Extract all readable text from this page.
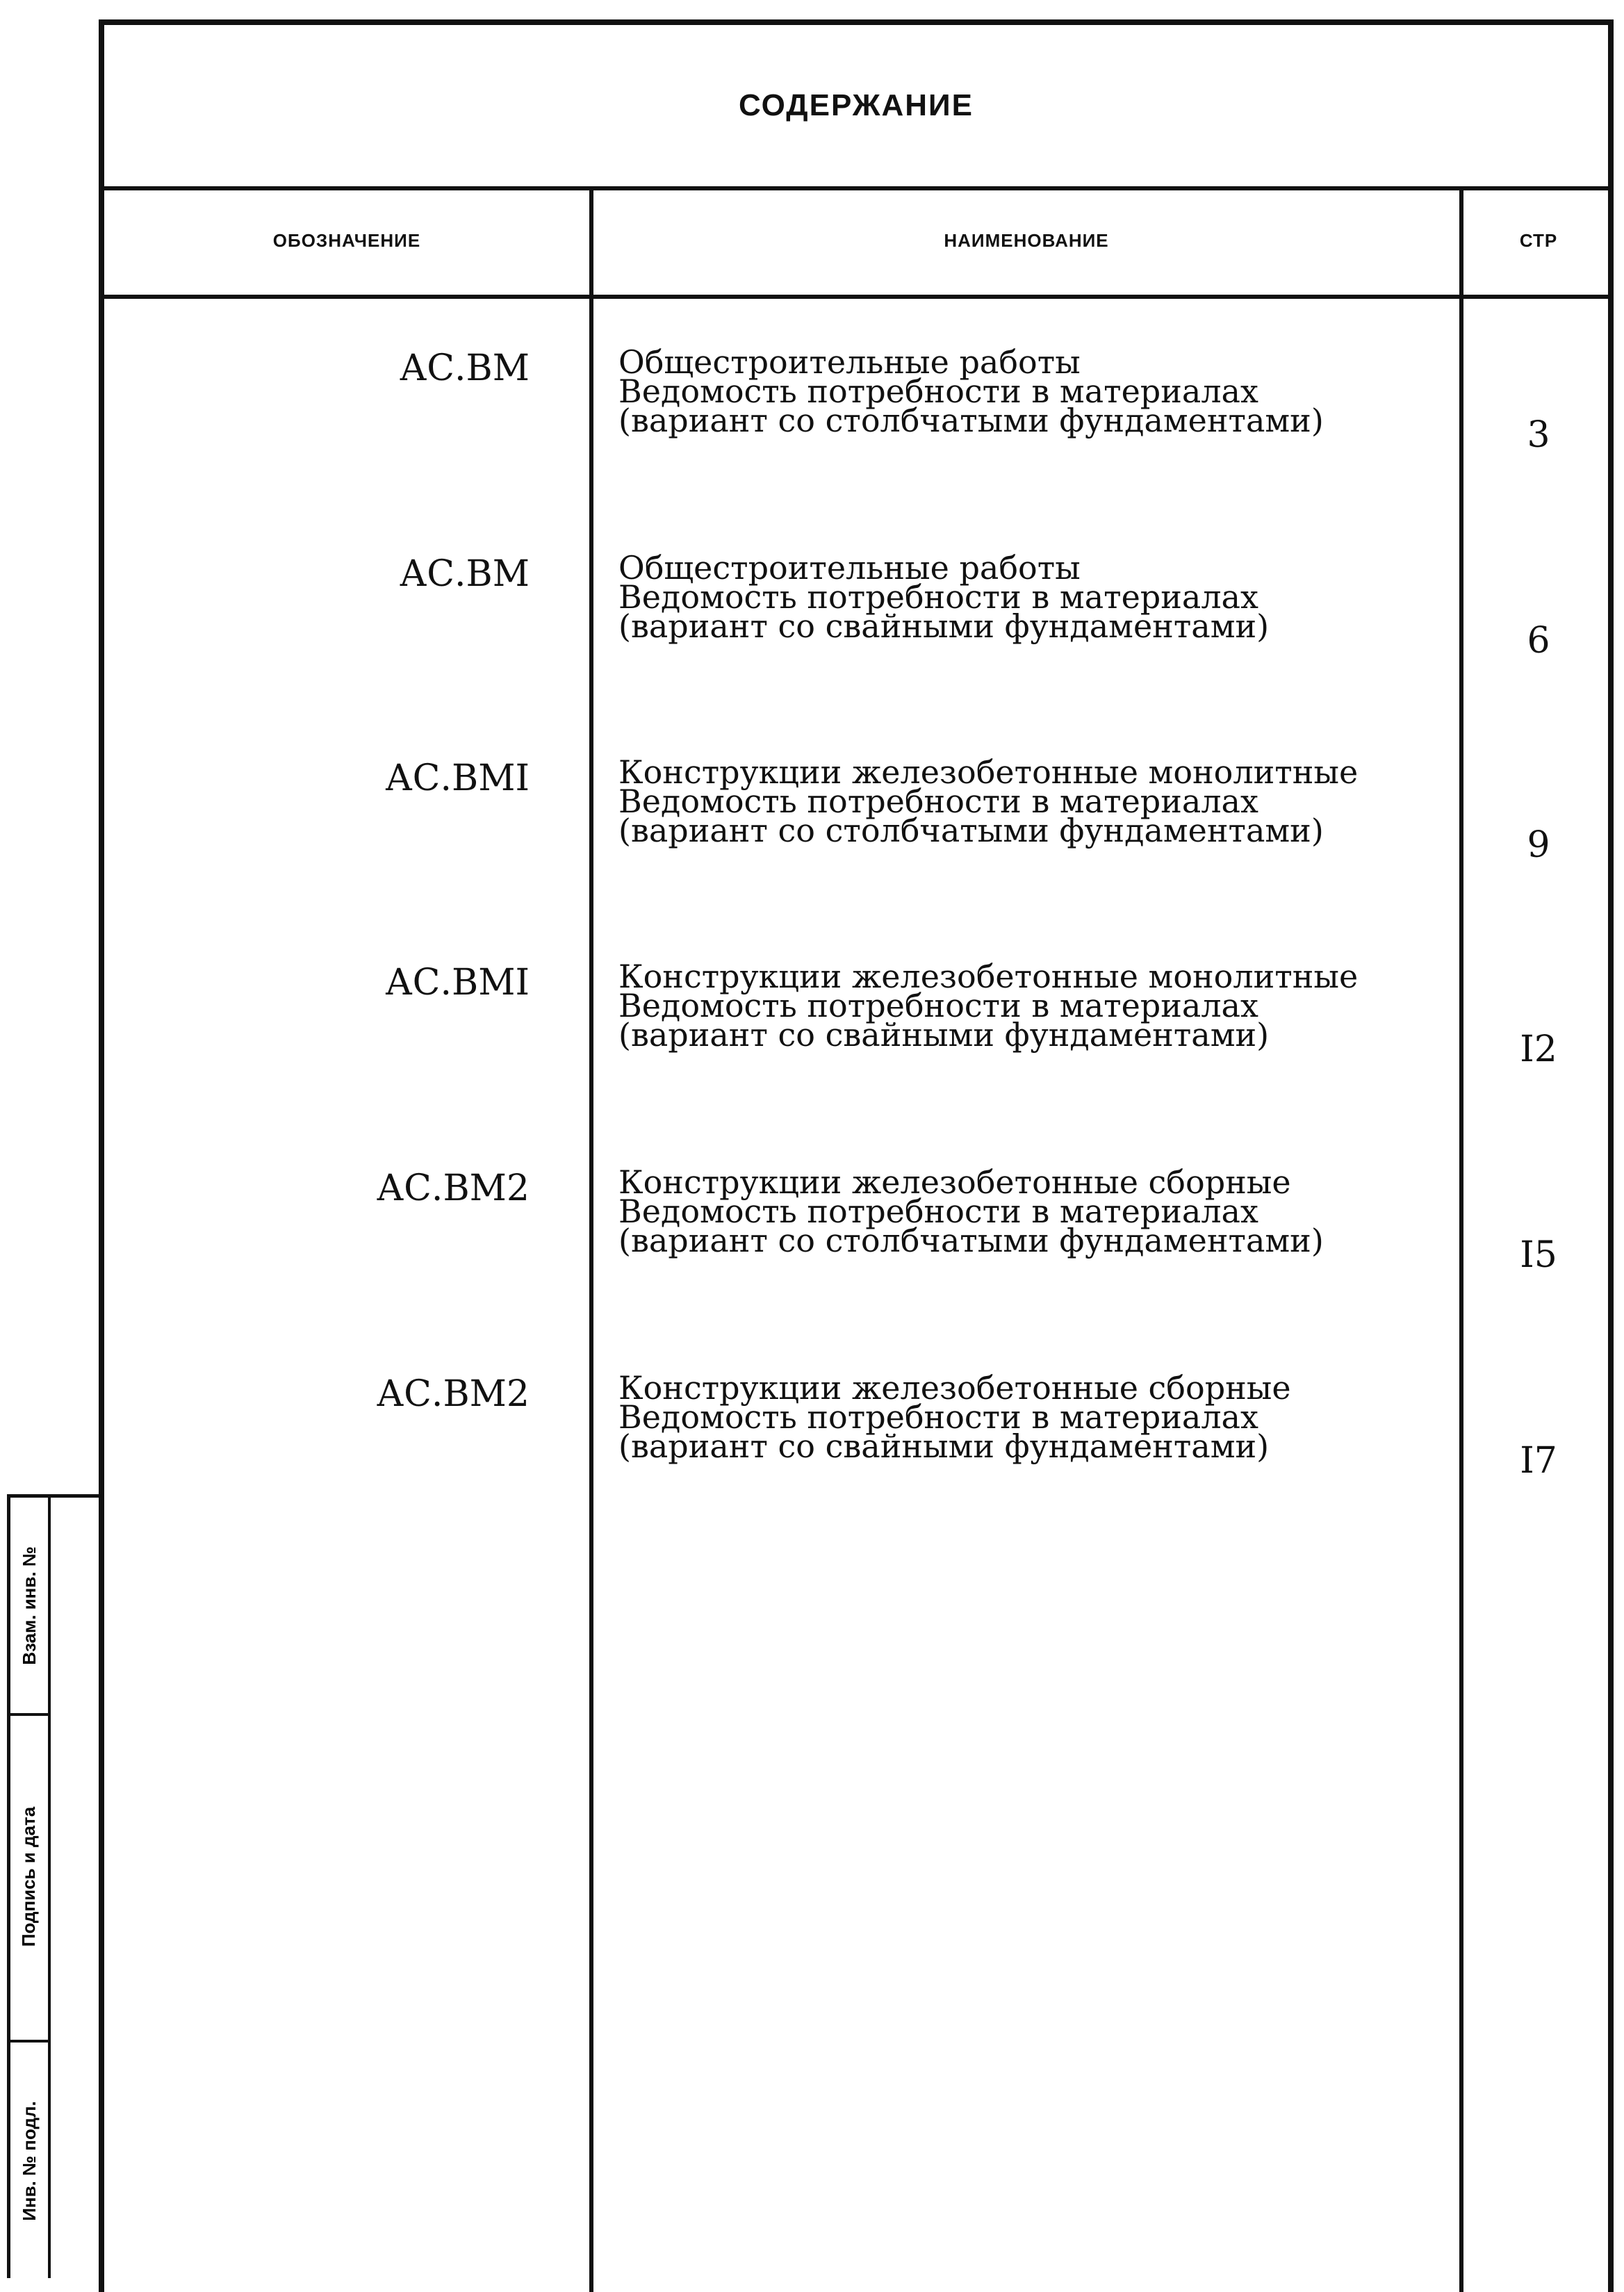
СОДЕРЖАНИЕ
ОБОЗНАЧЕНИЕ	НАИМЕНОВАНИЕ	СТР
АС.ВМ	Общестроительные работы
Ведомость потребности в материалах
(вариант со столбчатыми фундаментами)	3
АС.ВМ	Общестроительные работы
Ведомость потребности в материалах
(вариант со свайными фундаментами)	6
АС.ВМI	Конструкции железобетонные монолитные
Ведомость потребности в материалах
(вариант со столбчатыми фундаментами)	9
АС.ВМI	Конструкции железобетонные монолитные
Ведомость потребности в материалах
(вариант со свайными фундаментами)	I2
АС.ВМ2	Конструкции железобетонные сборные
Ведомость потребности в материалах
(вариант со столбчатыми фундаментами)	I5
АС.ВМ2	Конструкции железобетонные сборные
Ведомость потребности в материалах
(вариант со свайными фундаментами)	I7
Взам. инв. №
Подпись и дата
Инв. № подл.
